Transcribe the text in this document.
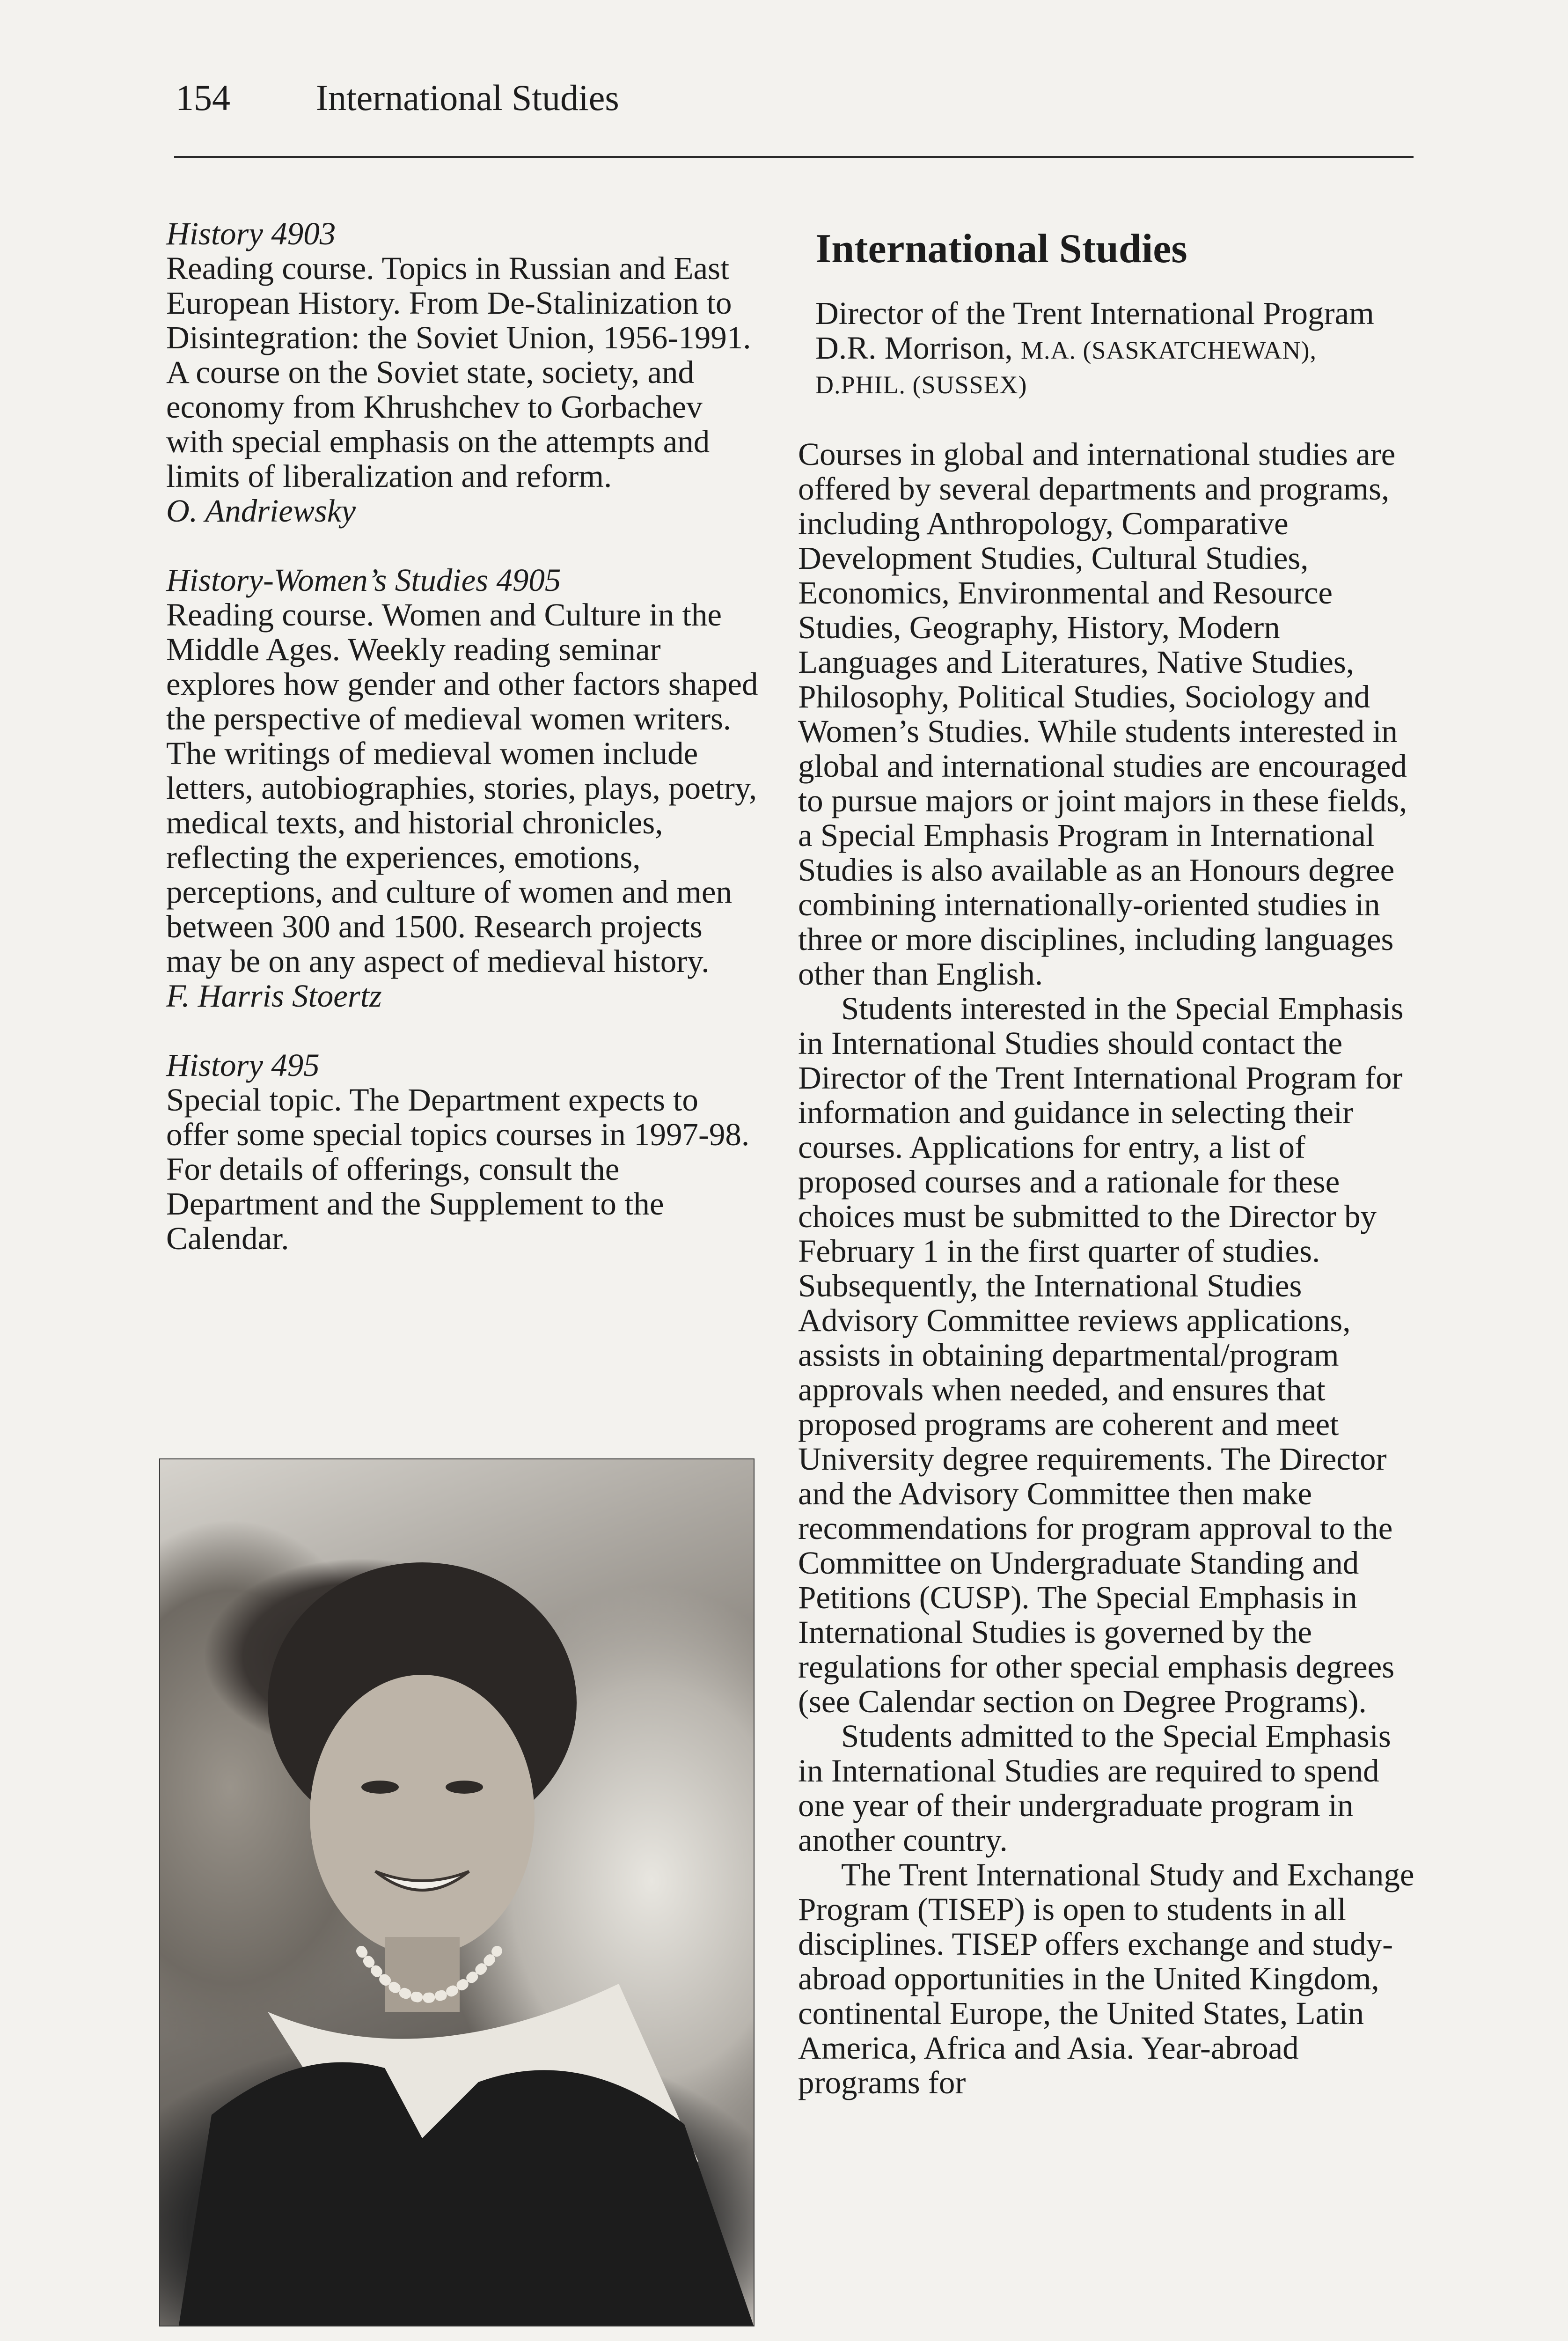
154 International Studies
History 4903
Reading course. Topics in Russian and East European History. From De-Stalinization to Disintegration: the Soviet Union, 1956-1991. A course on the Soviet state, society, and economy from Khrushchev to Gorbachev with special emphasis on the attempts and limits of liberalization and reform.
O. Andriewsky
History-Women’s Studies 4905
Reading course. Women and Culture in the Middle Ages. Weekly reading seminar explores how gender and other factors shaped the perspective of medieval women writers. The writings of medieval women include letters, autobiographies, stories, plays, poetry, medical texts, and historial chronicles, reflecting the experiences, emotions, perceptions, and culture of women and men between 300 and 1500. Research projects may be on any aspect of medieval history.
F. Harris Stoertz
History 495
Special topic. The Department expects to offer some special topics courses in 1997-98. For details of offerings, consult the Department and the Supplement to the Calendar.
International Studies
Director of the Trent International Program
D.R. Morrison, M.A. (SASKATCHEWAN),
D.PHIL. (SUSSEX)
Courses in global and international studies are offered by several departments and programs, including Anthropology, Comparative Development Studies, Cultural Studies, Economics, Environmental and Resource Studies, Geography, History, Modern Languages and Literatures, Native Studies, Philosophy, Political Studies, Sociology and Women’s Studies. While students interested in global and international studies are encouraged to pursue majors or joint majors in these fields, a Special Emphasis Program in International Studies is also available as an Honours degree combining internationally-oriented studies in three or more disciplines, including languages other than English.
Students interested in the Special Emphasis in International Studies should contact the Director of the Trent International Program for information and guidance in selecting their courses. Applications for entry, a list of proposed courses and a rationale for these choices must be submitted to the Director by February 1 in the first quarter of studies. Subsequently, the International Studies Advisory Committee reviews applications, assists in obtaining departmental/program approvals when needed, and ensures that proposed programs are coherent and meet University degree requirements. The Director and the Advisory Committee then make recommendations for program approval to the Committee on Undergraduate Standing and Petitions (CUSP). The Special Emphasis in International Studies is governed by the regulations for other special emphasis degrees (see Calendar section on Degree Programs).
Students admitted to the Special Emphasis in International Studies are required to spend one year of their undergraduate program in another country.
The Trent International Study and Exchange Program (TISEP) is open to students in all disciplines. TISEP offers exchange and study-abroad opportunities in the United Kingdom, continental Europe, the United States, Latin America, Africa and Asia. Year-abroad programs for
